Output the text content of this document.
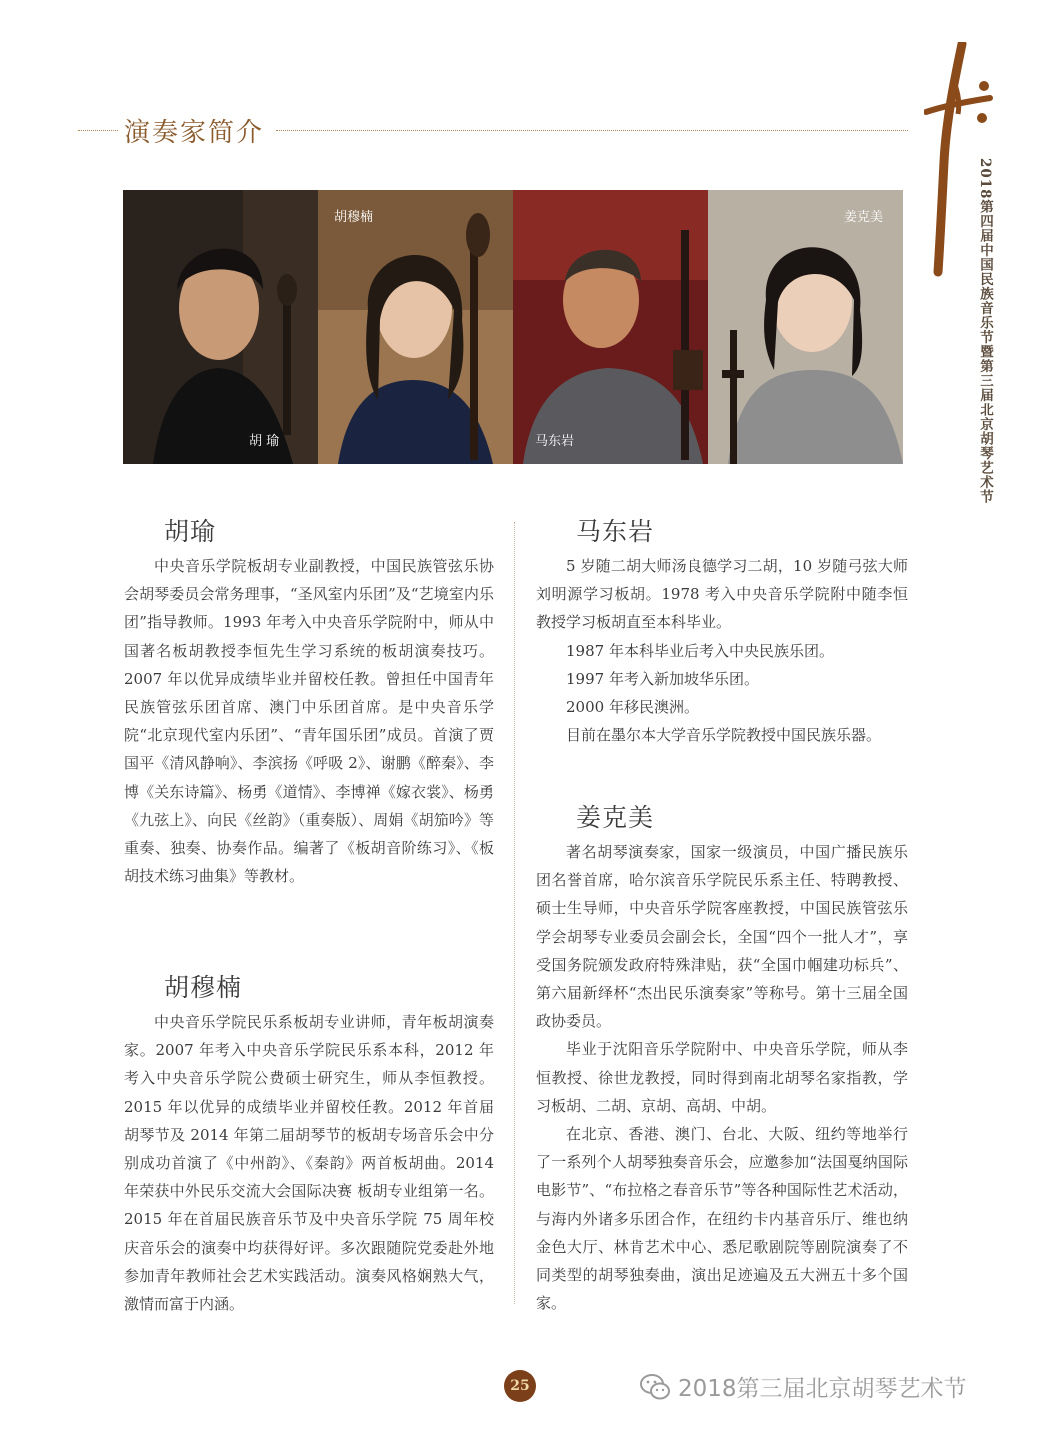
演奏家简介
2018第四届中国民族音乐节暨第三届北京胡琴艺术节
胡 瑜
胡穆楠
马东岩
姜克美
胡瑜

中央音乐学院板胡专业副教授，中国民族管弦乐协会胡琴委员会常务理事，“圣风室内乐团”及“艺境室内乐团”指导教师。1993 年考入中央音乐学院附中，师从中国著名板胡教授李恒先生学习系统的板胡演奏技巧。2007 年以优异成绩毕业并留校任教。曾担任中国青年民族管弦乐团首席、澳门中乐团首席。是中央音乐学院“北京现代室内乐团”、“青年国乐团”成员。首演了贾国平《清风静响》、李滨扬《呼吸 2》、谢鹏《醉秦》、李博《关东诗篇》、杨勇《道情》、李博禅《嫁衣裳》、杨勇《九弦上》、向民《丝韵》（重奏版）、周娟《胡笳吟》等重奏、独奏、协奏作品。编著了《板胡音阶练习》、《板胡技术练习曲集》等教材。

胡穆楠

中央音乐学院民乐系板胡专业讲师，青年板胡演奏家。2007 年考入中央音乐学院民乐系本科，2012 年考入中央音乐学院公费硕士研究生，师从李恒教授。2015 年以优异的成绩毕业并留校任教。2012 年首届胡琴节及 2014 年第二届胡琴节的板胡专场音乐会中分别成功首演了《中州韵》、《秦韵》两首板胡曲。2014 年荣获中外民乐交流大会国际决赛 板胡专业组第一名。2015 年在首届民族音乐节及中央音乐学院 75 周年校庆音乐会的演奏中均获得好评。多次跟随院党委赴外地参加青年教师社会艺术实践活动。演奏风格娴熟大气，激情而富于内涵。

马东岩

5 岁随二胡大师汤良德学习二胡，10 岁随弓弦大师刘明源学习板胡。1978 考入中央音乐学院附中随李恒教授学习板胡直至本科毕业。

1987 年本科毕业后考入中央民族乐团。

1997 年考入新加坡华乐团。

2000 年移民澳洲。

目前在墨尔本大学音乐学院教授中国民族乐器。

姜克美

著名胡琴演奏家，国家一级演员，中国广播民族乐团名誉首席，哈尔滨音乐学院民乐系主任、特聘教授、硕士生导师，中央音乐学院客座教授，中国民族管弦乐学会胡琴专业委员会副会长，全国“四个一批人才”，享受国务院颁发政府特殊津贴，获“全国巾帼建功标兵”、第六届新绎杯“杰出民乐演奏家”等称号。第十三届全国政协委员。

毕业于沈阳音乐学院附中、中央音乐学院，师从李恒教授、徐世龙教授，同时得到南北胡琴名家指教，学习板胡、二胡、京胡、高胡、中胡。

在北京、香港、澳门、台北、大阪、纽约等地举行了一系列个人胡琴独奏音乐会，应邀参加“法国戛纳国际电影节”、“布拉格之春音乐节”等各种国际性艺术活动，与海内外诸多乐团合作，在纽约卡内基音乐厅、维也纳金色大厅、林肯艺术中心、悉尼歌剧院等剧院演奏了不同类型的胡琴独奏曲，演出足迹遍及五大洲五十多个国家。

25	2018第三届北京胡琴艺术节
